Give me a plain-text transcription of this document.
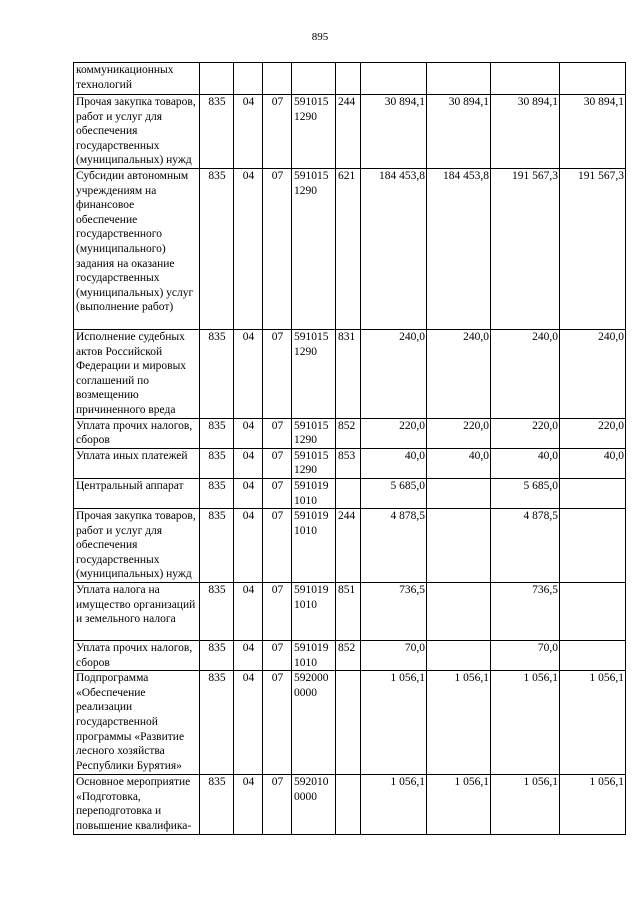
895
коммуникационных технологий									
Прочая закупка товаров, работ и услуг для обеспечения государственных (муниципальных) нужд	835	04	07	591015 1290	244	30 894,1	30 894,1	30 894,1	30 894,1
Субсидии автономным учреждениям на финансовое обеспечение государственного (муниципального) задания на оказание государственных (муниципальных) услуг (выполнение работ)	835	04	07	591015 1290	621	184 453,8	184 453,8	191 567,3	191 567,3
Исполнение судебных актов Российской Федерации и мировых соглашений по возмещению причиненного вреда	835	04	07	591015 1290	831	240,0	240,0	240,0	240,0
Уплата прочих налогов, сборов	835	04	07	591015 1290	852	220,0	220,0	220,0	220,0
Уплата иных платежей	835	04	07	591015 1290	853	40,0	40,0	40,0	40,0
Центральный аппарат	835	04	07	591019 1010		5 685,0		5 685,0	
Прочая закупка товаров, работ и услуг для обеспечения государственных (муниципальных) нужд	835	04	07	591019 1010	244	4 878,5		4 878,5	
Уплата налога на имущество организаций и земельного налога	835	04	07	591019 1010	851	736,5		736,5	
Уплата прочих налогов, сборов	835	04	07	591019 1010	852	70,0		70,0	
Подпрограмма «Обеспечение реализации государственной программы «Развитие лесного хозяйства Республики Бурятия»	835	04	07	592000 0000		1 056,1	1 056,1	1 056,1	1 056,1
Основное мероприятие «Подготовка, переподготовка и повышение квалифика-	835	04	07	592010 0000		1 056,1	1 056,1	1 056,1	1 056,1
